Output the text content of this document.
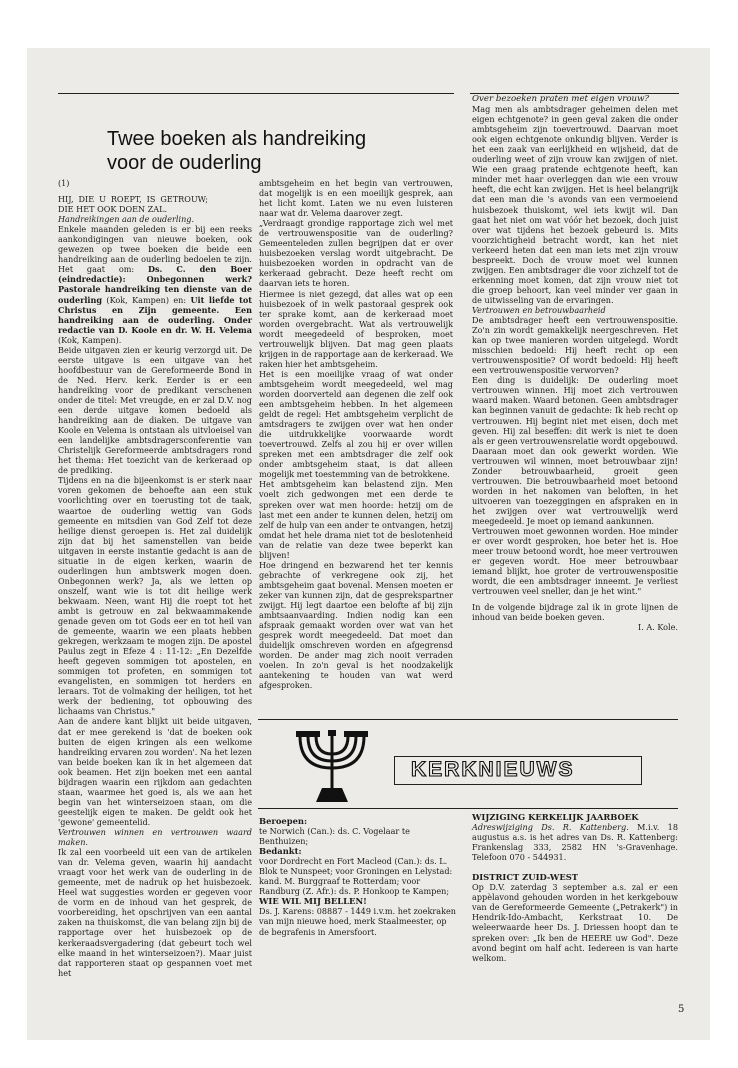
Twee boeken als handreiking
voor de ouderling

(1)

HIJ, DIE U ROEPT, IS GETROUW; DIE HET OOK DOEN ZAL.

Handreikingen aan de ouderling.

Enkele maanden geleden is er bij een reeks aankondigingen van nieuwe boeken, ook gewezen op twee boeken die beide een handreiking aan de ouderling bedoelen te zijn. Het gaat om: Ds. C. den Boer (eindredactie): Onbegonnen werk? Pastorale handreiking ten dienste van de ouderling (Kok, Kampen) en: Uit liefde tot Christus en Zijn gemeente. Een handreiking aan de ouderling. Onder redactie van D. Koole en dr. W. H. Velema (Kok, Kampen).

Beide uitgaven zien er keurig verzorgd uit. De eerste uitgave is een uitgave van het hoofdbestuur van de Gereformeerde Bond in de Ned. Herv. kerk. Eerder is er een handreiking voor de predikant verschenen onder de titel: Met vreugde, en er zal D.V. nog een derde uitgave komen bedoeld als handreiking aan de diaken. De uitgave van Koole en Velema is ontstaan als uitvloeisel van een landelijke ambtsdragersconferentie van Christelijk Gereformeerde ambtsdragers rond het thema: Het toezicht van de kerkeraad op de prediking.

Tijdens en na die bijeenkomst is er sterk naar voren gekomen de behoefte aan een stuk voorlichting over en toerusting tot de taak, waartoe de ouderling wettig van Gods gemeente en mitsdien van God Zelf tot deze heilige dienst geroepen is. Het zal duidelijk zijn dat bij het samenstellen van beide uitgaven in eerste instantie gedacht is aan de situatie in de eigen kerken, waarin de ouderlingen hun ambtswerk mogen doen. Onbegonnen werk? Ja, als we letten op onszelf, want wie is tot dit heilige werk bekwaam. Neen, want Hij die roept tot het ambt is getrouw en zal bekwaammakende genade geven om tot Gods eer en tot heil van de gemeente, waarin we een plaats hebben gekregen, werkzaam te mogen zijn. De apostel Paulus zegt in Efeze 4 : 11-12: „En Dezelfde heeft gegeven sommigen tot apostelen, en sommigen tot profeten, en sommigen tot evangelisten, en sommigen tot herders en leraars. Tot de volmaking der heiligen, tot het werk der bediening, tot opbouwing des lichaams van Christus."

Aan de andere kant blijkt uit beide uitgaven, dat er mee gerekend is 'dat de boeken ook buiten de eigen kringen als een welkome handreiking ervaren zou worden'. Na het lezen van beide boeken kan ik in het algemeen dat ook beamen. Het zijn boeken met een aantal bijdragen waarin een rijkdom aan gedachten staan, waarmee het goed is, als we aan het begin van het winterseizoen staan, om die geestelijk eigen te maken. De geldt ook het 'gewone' gemeentelid.

Vertrouwen winnen en vertrouwen waard maken.

Ik zal een voorbeeld uit een van de artikelen van dr. Velema geven, waarin hij aandacht vraagt voor het werk van de ouderling in de gemeente, met de nadruk op het huisbezoek. Heel wat suggesties worden er gegeven voor de vorm en de inhoud van het gesprek, de voorbereiding, het opschrijven van een aantal zaken na thuiskomst, die van belang zijn bij de rapportage over het huisbezoek op de kerkeraadsvergadering (dat gebeurt toch wel elke maand in het winterseizoen?). Maar juist dat rapporteren staat op gespannen voet met het

ambtsgeheim en het begin van vertrouwen, dat mogelijk is en een moeilijk gesprek, aan het licht komt. Laten we nu even luisteren naar wat dr. Velema daarover zegt.

„Verdraagt grondige rapportage zich wel met de vertrouwenspositie van de ouderling? Gemeenteleden zullen begrijpen dat er over huisbezoeken verslag wordt uitgebracht. De huisbezoeken worden in opdracht van de kerkeraad gebracht. Deze heeft recht om daarvan iets te horen.

Hiermee is niet gezegd, dat alles wat op een huisbezoek of in welk pastoraal gesprek ook ter sprake komt, aan de kerkeraad moet worden overgebracht. Wat als vertrouwelijk wordt meegedeeld of besproken, moet vertrouwelijk blijven. Dat mag geen plaats krijgen in de rapportage aan de kerkeraad. We raken hier het ambtsgeheim.

Het is een moeilijke vraag of wat onder ambtsgeheim wordt meegedeeld, wel mag worden doorverteld aan degenen die zelf ook een ambtsgeheim hebben. In het algemeen geldt de regel: Het ambtsgeheim verplicht de amtsdragers te zwijgen over wat hen onder die uitdrukkelijke voorwaarde wordt toevertrouwd. Zelfs al zou hij er over willen spreken met een ambtsdrager die zelf ook onder ambtsgeheim staat, is dat alleen mogelijk met toestemming van de betrokkene.

Het ambtsgeheim kan belastend zijn. Men voelt zich gedwongen met een derde te spreken over wat men hoorde: hetzij om de last met een ander te kunnen delen, hetzij om zelf de hulp van een ander te ontvangen, hetzij omdat het hele drama niet tot de beslotenheid van de relatie van deze twee beperkt kan blijven!

Hoe dringend en bezwarend het ter kennis gebrachte of verkregene ook zij, het ambtsgeheim gaat bovenal. Mensen moeten er zeker van kunnen zijn, dat de gesprekspartner zwijgt. Hij legt daartoe een belofte af bij zijn ambtsaanvaarding. Indien nodig kan een afspraak gemaakt worden over wat van het gesprek wordt meegedeeld. Dat moet dan duidelijk omschreven worden en afgegrensd worden. De ander mag zich nooit verraden voelen. In zo'n geval is het noodzakelijk aantekening te houden van wat werd afgesproken.

Over bezoeken praten met eigen vrouw?

Mag men als ambtsdrager geheimen delen met eigen echtgenote? in geen geval zaken die onder ambtsgeheim zijn toevertrouwd. Daarvan moet ook eigen echtgenote onkundig blijven. Verder is het een zaak van eerlijkheid en wijsheid, dat de ouderling weet of zijn vrouw kan zwijgen of niet. Wie een graag pratende echtgenote heeft, kan minder met haar overleggen dan wie een vrouw heeft, die echt kan zwijgen. Het is heel belangrijk dat een man die 's avonds van een vermoeiend huisbezoek thuiskomt, wel iets kwijt wil. Dan gaat het niet om wat vóór het bezoek, doch juist over wat tijdens het bezoek gebeurd is. Mits voorzichtigheid betracht wordt, kan het niet verkeerd heten dat een man iets met zijn vrouw bespreekt. Doch de vrouw moet wel kunnen zwijgen. Een ambtsdrager die voor zichzelf tot de erkenning moet komen, dat zijn vrouw niet tot die groep behoort, kan veel minder ver gaan in de uitwisseling van de ervaringen.

Vertrouwen en betrouwbaarheid

De ambtsdrager heeft een vertrouwenspositie. Zo'n zin wordt gemakkelijk neergeschreven. Het kan op twee manieren worden uitgelegd. Wordt misschien bedoeld: Hij heeft recht op een vertrouwenspositie? Of wordt bedoeld: Hij heeft een vertrouwenspositie verworven?

Een ding is duidelijk: De ouderling moet vertrouwen winnen. Hij moet zich vertrouwen waard maken. Waard betonen. Geen ambtsdrager kan beginnen vanuit de gedachte: Ik heb recht op vertrouwen. Hij begint niet met eisen, doch met geven. Hij zal beseffen: dit werk is niet te doen als er geen vertrouwensrelatie wordt opgebouwd. Daaraan moet dan ook gewerkt worden. Wie vertrouwen wil winnen, moet betrouwbaar zijn! Zonder betrouwbaarheid, groeit geen vertrouwen. Die betrouwbaarheid moet betoond worden in het nakomen van beloften, in het uitvoeren van toezeggingen en afspraken en in het zwijgen over wat vertrouwelijk werd meegedeeld. Je moet op iemand aankunnen.

Vertrouwen moet gewonnen worden. Hoe minder er over wordt gesproken, hoe beter het is. Hoe meer trouw betoond wordt, hoe meer vertrouwen er gegeven wordt. Hoe meer betrouwbaar iemand blijkt, hoe groter de vertrouwenspositie wordt, die een ambtsdrager inneemt. Je verliest vertrouwen veel sneller, dan je het wint."

In de volgende bijdrage zal ik in grote lijnen de inhoud van beide boeken geven.

I. A. Kole.

KERKNIEUWS

Beroepen:

te Norwich (Can.): ds. C. Vogelaar te Benthuizen;

Bedankt:

voor Dordrecht en Fort Macleod (Can.): ds. L. Blok te Nunspeet; voor Groningen en Lelystad: kand. M. Burggraaf te Rotterdam; voor Randburg (Z. Afr.): ds. P. Honkoop te Kampen;

WIE WIL MIJ BELLEN!

Ds. J. Karens: 08887 - 1449 i.v.m. het zoekraken van mijn nieuwe hoed, merk Staalmeester, op de begrafenis in Amersfoort.

WIJZIGING KERKELIJK JAARBOEK

Adreswijziging Ds. R. Kattenberg. M.i.v. 18 augustus a.s. is het adres van Ds. R. Kattenberg: Frankenslag 333, 2582 HN 's-Gravenhage. Telefoon 070 - 544931.

DISTRICT ZUID-WEST

Op D.V. zaterdag 3 september a.s. zal er een appèlavond gehouden worden in het kerkgebouw van de Gereformeerde Gemeente („Petrakerk") in Hendrik-Ido-Ambacht, Kerkstraat 10. De weleerwaarde heer Ds. J. Driessen hoopt dan te spreken over: „Ik ben de HEERE uw God". Deze avond begint om half acht. Iedereen is van harte welkom.

5
